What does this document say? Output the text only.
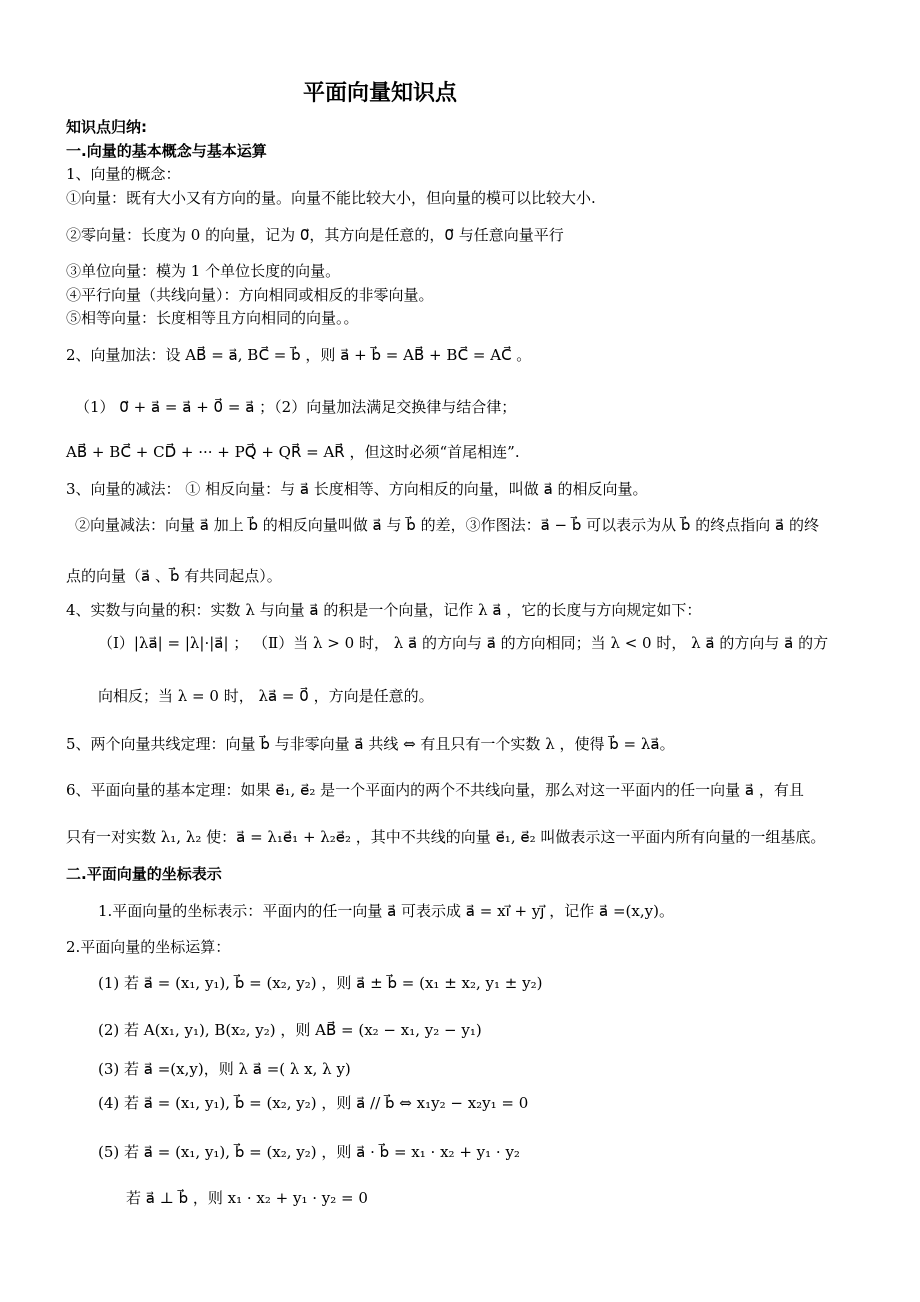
平面向量知识点
知识点归纳:
一.向量的基本概念与基本运算
1、向量的概念：
①向量：既有大小又有方向的量。向量不能比较大小，但向量的模可以比较大小.
②零向量：长度为 0 的向量，记为 0⃗，其方向是任意的，0⃗ 与任意向量平行
③单位向量：模为 1 个单位长度的向量。
④平行向量（共线向量）：方向相同或相反的非零向量。
⑤相等向量：长度相等且方向相同的向量。。
2、向量加法：设 AB⃗ = a⃗, BC⃗ = b⃗ ，则 a⃗ + b⃗ = AB⃗ + BC⃗ = AC⃗ 。
（1） 0⃗ + a⃗ = a⃗ + 0⃗ = a⃗ ；（2）向量加法满足交换律与结合律；
AB⃗ + BC⃗ + CD⃗ + ··· + PQ⃗ + QR⃗ = AR⃗ ，但这时必须“首尾相连”.
3、向量的减法： ① 相反向量：与 a⃗ 长度相等、方向相反的向量，叫做 a⃗ 的相反向量。
②向量减法：向量 a⃗ 加上 b⃗ 的相反向量叫做 a⃗ 与 b⃗ 的差，③作图法：a⃗ − b⃗ 可以表示为从 b⃗ 的终点指向 a⃗ 的终
点的向量（a⃗ 、b⃗ 有共同起点）。
4、实数与向量的积：实数 λ 与向量 a⃗ 的积是一个向量，记作 λ a⃗ ，它的长度与方向规定如下：
（Ⅰ）|λa⃗| = |λ|·|a⃗| ； （Ⅱ）当 λ > 0 时， λ a⃗ 的方向与 a⃗ 的方向相同；当 λ < 0 时， λ a⃗ 的方向与 a⃗ 的方
向相反；当 λ = 0 时， λa⃗ = 0⃗ ，方向是任意的。
5、两个向量共线定理：向量 b⃗ 与非零向量 a⃗ 共线 ⇔ 有且只有一个实数 λ ，使得 b⃗ = λa⃗。
6、平面向量的基本定理：如果 e⃗₁, e⃗₂ 是一个平面内的两个不共线向量，那么对这一平面内的任一向量 a⃗ ，有且
只有一对实数 λ₁, λ₂ 使：a⃗ = λ₁e⃗₁ + λ₂e⃗₂ ，其中不共线的向量 e⃗₁, e⃗₂ 叫做表示这一平面内所有向量的一组基底。
二.平面向量的坐标表示
1.平面向量的坐标表示：平面内的任一向量 a⃗ 可表示成 a⃗ = xi⃗ + yj⃗ ，记作 a⃗ =(x,y)。
2.平面向量的坐标运算：
(1) 若 a⃗ = (x₁, y₁), b⃗ = (x₂, y₂) ，则 a⃗ ± b⃗ = (x₁ ± x₂, y₁ ± y₂)
(2) 若 A(x₁, y₁), B(x₂, y₂) ，则 AB⃗ = (x₂ − x₁, y₂ − y₁)
(3) 若 a⃗ =(x,y)，则 λ a⃗ =( λ x, λ y)
(4) 若 a⃗ = (x₁, y₁), b⃗ = (x₂, y₂) ，则 a⃗ // b⃗ ⇔ x₁y₂ − x₂y₁ = 0
(5) 若 a⃗ = (x₁, y₁), b⃗ = (x₂, y₂) ，则 a⃗ · b⃗ = x₁ · x₂ + y₁ · y₂
若 a⃗ ⊥ b⃗ ，则 x₁ · x₂ + y₁ · y₂ = 0
